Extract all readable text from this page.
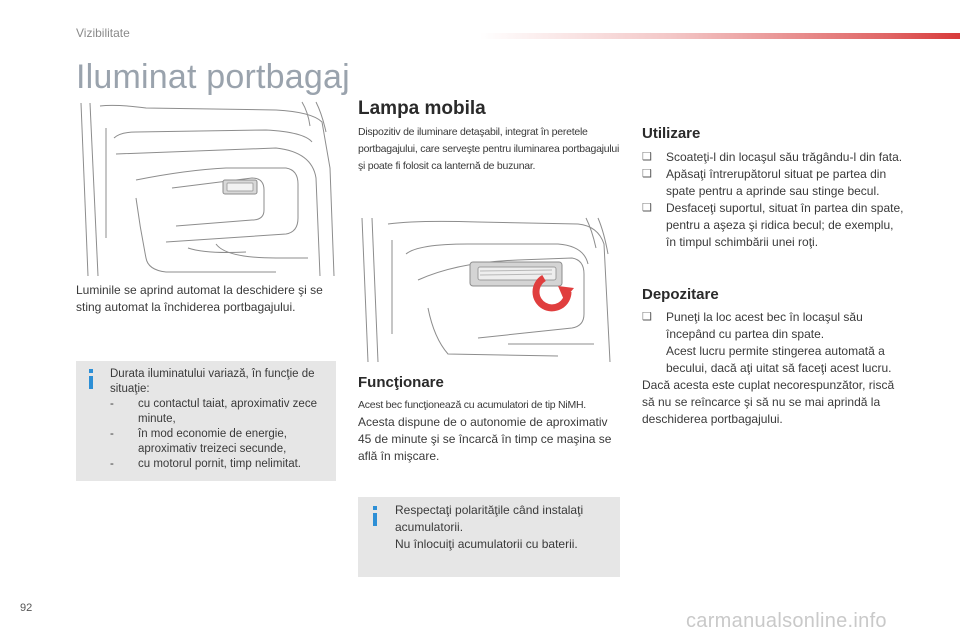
Vizibilitate
Iluminat portbagaj
Luminile se aprind automat la deschidere şi se sting automat la închiderea portbagajului.
Durata iluminatului variază, în funcţie de situaţie:
- cu contactul taiat, aproximativ zece minute,
- în mod economie de energie, aproximativ treizeci secunde,
- cu motorul pornit, timp nelimitat.
Lampa mobila
Dispozitiv de iluminare detaşabil, integrat în peretele portbagajului, care serveşte pentru iluminarea portbagajului şi poate fi folosit ca lanternă de buzunar.
Funcţionare
Acest bec funcţionează cu acumulatori de tip NiMH.
Acesta dispune de o autonomie de aproximativ 45 de minute şi se încarcă în timp ce maşina se află în mişcare.
Respectaţi polarităţile când instalaţi acumulatorii.
Nu înlocuiţi acumulatorii cu baterii.
Utilizare
❑ Scoateţi-l din locaşul său trăgându-l din fata.
❑ Apăsaţi întrerupătorul situat pe partea din spate pentru a aprinde sau stinge becul.
❑ Desfaceţi suportul, situat în partea din spate, pentru a aşeza şi ridica becul; de exemplu, în timpul schimbării unei roţi.
Depozitare
❑ Puneţi la loc acest bec în locaşul său începând cu partea din spate.
Acest lucru permite stingerea automată a becului, dacă aţi uitat să faceţi acest lucru.
Dacă acesta este cuplat necorespunzător, riscă să nu se reîncarce şi să nu se mai aprindă la deschiderea portbagajului.
92
carmanualsonline.info
